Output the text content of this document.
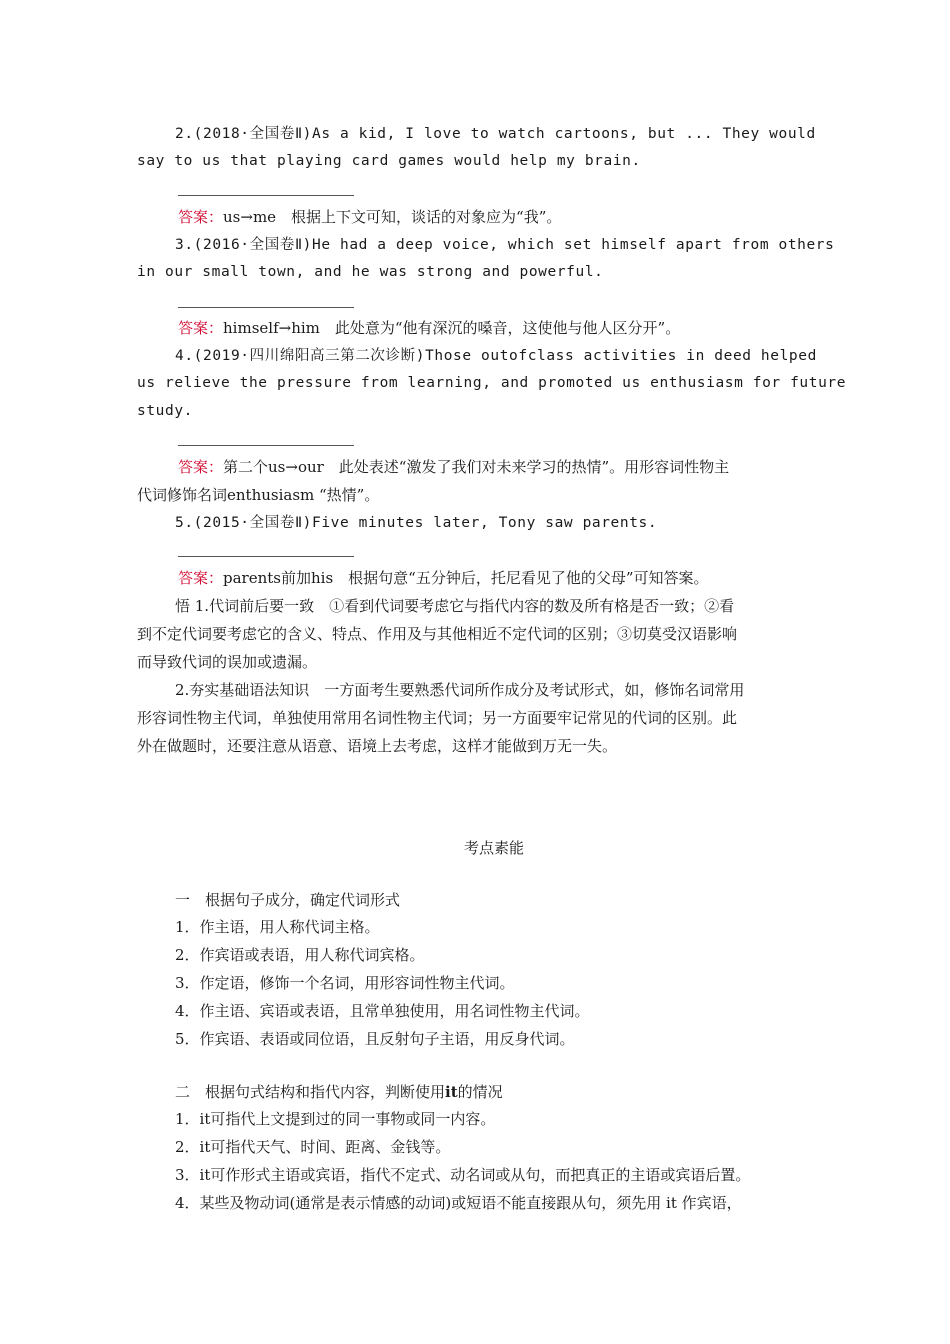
2.(2018·全国卷Ⅱ)As a kid, I love to watch cartoons, but ... They would
say to us that playing card games would help my brain.
答案：us→me　根据上下文可知，谈话的对象应为“我”。
3.(2016·全国卷Ⅱ)He had a deep voice, which set himself apart from others
in our small town, and he was strong and powerful.
答案：himself→him　此处意为“他有深沉的嗓音，这使他与他人区分开”。
4.(2019·四川绵阳高三第二次诊断)Those outofclass activities in deed helped
us relieve the pressure from learning, and promoted us enthusiasm for future
study.
答案：第二个us→our　此处表述“激发了我们对未来学习的热情”。用形容词性物主
代词修饰名词enthusiasm “热情”。
5.(2015·全国卷Ⅱ)Five minutes later, Tony saw parents.
答案：parents前加his　根据句意“五分钟后，托尼看见了他的父母”可知答案。
悟 1.代词前后要一致　①看到代词要考虑它与指代内容的数及所有格是否一致；②看
到不定代词要考虑它的含义、特点、作用及与其他相近不定代词的区别；③切莫受汉语影响
而导致代词的误加或遗漏。
2.夯实基础语法知识　一方面考生要熟悉代词所作成分及考试形式，如，修饰名词常用
形容词性物主代词，单独使用常用名词性物主代词；另一方面要牢记常见的代词的区别。此
外在做题时，还要注意从语意、语境上去考虑，这样才能做到万无一失。
考点素能
一　根据句子成分，确定代词形式
1．作主语，用人称代词主格。
2．作宾语或表语，用人称代词宾格。
3．作定语，修饰一个名词，用形容词性物主代词。
4．作主语、宾语或表语，且常单独使用，用名词性物主代词。
5．作宾语、表语或同位语，且反射句子主语，用反身代词。
二　根据句式结构和指代内容，判断使用it的情况
1．it可指代上文提到过的同一事物或同一内容。
2．it可指代天气、时间、距离、金钱等。
3．it可作形式主语或宾语，指代不定式、动名词或从句，而把真正的主语或宾语后置。
4．某些及物动词(通常是表示情感的动词)或短语不能直接跟从句，须先用 it 作宾语，
